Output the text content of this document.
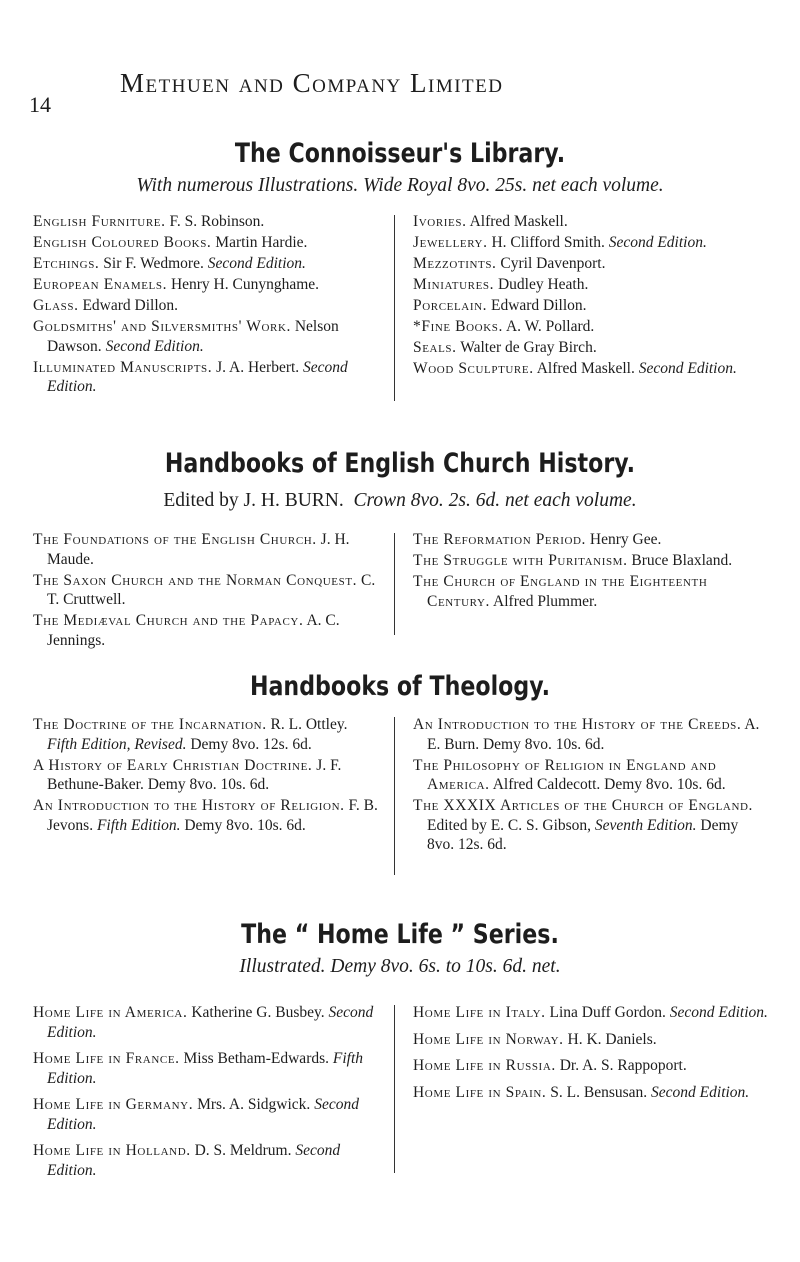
14
Methuen and Company Limited
The Connoisseur's Library.
With numerous Illustrations. Wide Royal 8vo. 25s. net each volume.
English Furniture. F. S. Robinson.
English Coloured Books. Martin Hardie.
Etchings. Sir F. Wedmore. Second Edition.
European Enamels. Henry H. Cunynghame.
Glass. Edward Dillon.
Goldsmiths' and Silversmiths' Work. Nelson Dawson. Second Edition.
Illuminated Manuscripts. J. A. Herbert. Second Edition.
Ivories. Alfred Maskell.
Jewellery. H. Clifford Smith. Second Edition.
Mezzotints. Cyril Davenport.
Miniatures. Dudley Heath.
Porcelain. Edward Dillon.
*Fine Books. A. W. Pollard.
Seals. Walter de Gray Birch.
Wood Sculpture. Alfred Maskell. Second Edition.
Handbooks of English Church History.
Edited by J. H. BURN. Crown 8vo. 2s. 6d. net each volume.
The Foundations of the English Church. J. H. Maude.
The Saxon Church and the Norman Conquest. C. T. Cruttwell.
The Mediæval Church and the Papacy. A. C. Jennings.
The Reformation Period. Henry Gee.
The Struggle with Puritanism. Bruce Blaxland.
The Church of England in the Eighteenth Century. Alfred Plummer.
Handbooks of Theology.
The Doctrine of the Incarnation. R. L. Ottley. Fifth Edition, Revised. Demy 8vo. 12s. 6d.
A History of Early Christian Doctrine. J. F. Bethune-Baker. Demy 8vo. 10s. 6d.
An Introduction to the History of Religion. F. B. Jevons. Fifth Edition. Demy 8vo. 10s. 6d.
An Introduction to the History of the Creeds. A. E. Burn. Demy 8vo. 10s. 6d.
The Philosophy of Religion in England and America. Alfred Caldecott. Demy 8vo. 10s. 6d.
The XXXIX Articles of the Church of England. Edited by E. C. S. Gibson, Seventh Edition. Demy 8vo. 12s. 6d.
The “ Home Life ” Series.
Illustrated. Demy 8vo. 6s. to 10s. 6d. net.
Home Life in America. Katherine G. Busbey. Second Edition.
Home Life in France. Miss Betham-Edwards. Fifth Edition.
Home Life in Germany. Mrs. A. Sidgwick. Second Edition.
Home Life in Holland. D. S. Meldrum. Second Edition.
Home Life in Italy. Lina Duff Gordon. Second Edition.
Home Life in Norway. H. K. Daniels.
Home Life in Russia. Dr. A. S. Rappoport.
Home Life in Spain. S. L. Bensusan. Second Edition.
